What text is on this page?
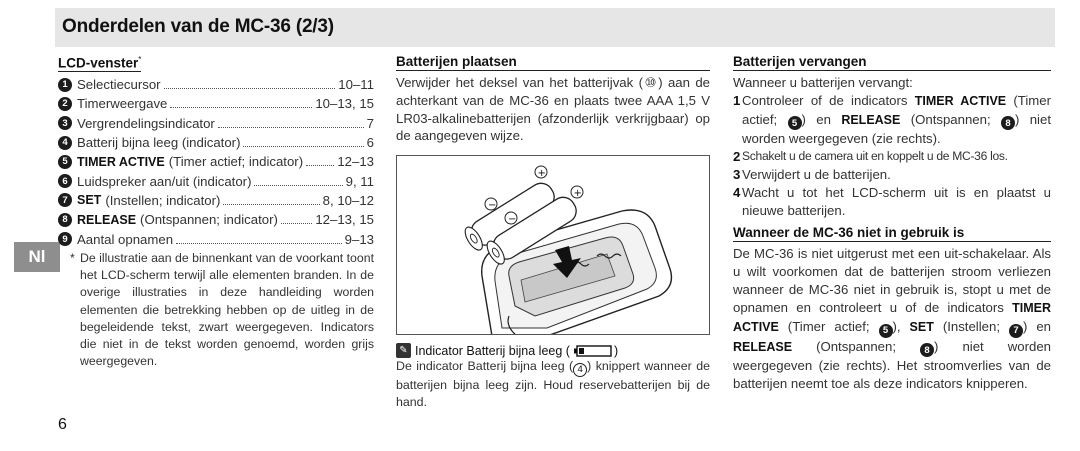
Onderdelen van de MC-36 (2/3)
Nl
LCD-venster*
1 Selectiecursor	10–11
2 Timerweergave	10–13, 15
3 Vergrendelingsindicator	7
4 Batterij bijna leeg (indicator)	6
5 TIMER ACTIVE (Timer actief; indicator)	12–13
6 Luidspreker aan/uit (indicator)	9, 11
7 SET (Instellen; indicator)	8, 10–12
8 RELEASE (Ontspannen; indicator)	12–13, 15
9 Aantal opnamen	9–13
* De illustratie aan de binnenkant van de voorkant toont het LCD-scherm terwijl alle elementen branden. In de overige illustraties in deze handleiding worden elementen die betrekking hebben op de uitleg in de begeleidende tekst, zwart weergegeven. Indicators die niet in de tekst worden genoemd, worden grijs weergegeven.
Batterijen plaatsen

Verwijder het deksel van het batterijvak (⑩) aan de achterkant van de MC-36 en plaats twee AAA 1,5 V LR03-alkalinebatterijen (afzonderlijk verkrijgbaar) op de aangegeven wijze.

+
−
−
+
✎ Indicator Batterij bijna leeg (	)

De indicator Batterij bijna leeg ( 4 ) knippert wanneer de batterijen bijna leeg zijn. Houd reservebatterijen bij de hand.

Batterijen vervangen

Wanneer u batterijen vervangt:

1 Controleer of de indicators TIMER ACTIVE (Timer actief; 5 ) en RELEASE (Ontspannen; 8 ) niet worden weergegeven (zie rechts).
2 Schakelt u de camera uit en koppelt u de MC-36 los.
3 Verwijdert u de batterijen.
4 Wacht u tot het LCD-scherm uit is en plaatst u nieuwe batterijen.
Wanneer de MC-36 niet in gebruik is

De MC-36 is niet uitgerust met een uit-schakelaar. Als u wilt voorkomen dat de batterijen stroom verliezen wanneer de MC-36 niet in gebruik is, stopt u met de opnamen en controleert u of de indicators TIMER ACTIVE (Timer actief; 5 ), SET (Instellen; 7 ) en RELEASE (Ontspannen; 8 ) niet worden weergegeven (zie rechts). Het stroomverlies van de batterijen neemt toe als deze indicators knipperen.

6
